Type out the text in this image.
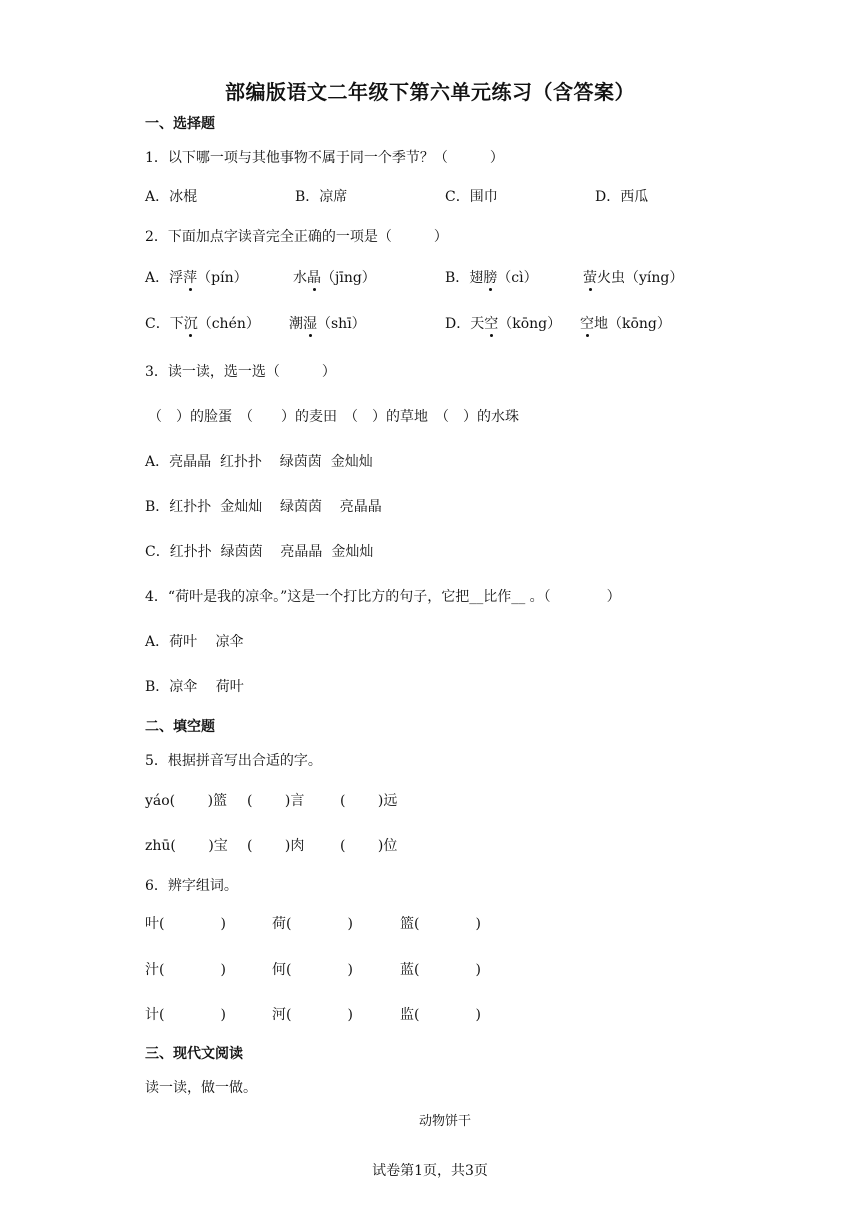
部编版语文二年级下第六单元练习（含答案）
一、选择题
1．以下哪一项与其他事物不属于同一个季节？（　　　）
A．冰棍	B．凉席	C．围巾	D．西瓜
2．下面加点字读音完全正确的一项是（　　　）
A．浮萍（pín）	水晶（jīng）	B．翅膀（cì）	萤火虫（yíng）
C．下沉（chén） 潮湿（shī）	D．天空（kōng） 空地（kōng）
3．读一读，选一选（　　　）
（　）的脸蛋　（　　）的麦田　（　）的草地　（　）的水珠
A．亮晶晶  红扑扑    绿茵茵  金灿灿
B．红扑扑  金灿灿    绿茵茵    亮晶晶
C．红扑扑  绿茵茵    亮晶晶  金灿灿
4．“荷叶是我的凉伞。”这是一个打比方的句子，它把__比作__ 。（　　　　）
A．荷叶　 凉伞
B．凉伞　 荷叶
二、填空题
5．根据拼音写出合适的字。
yáo(　　 )篮 (　　 )言	(　　 )远
zhū(　　 )宝 (　　 )肉	(　　 )位
6．辨字组词。
叶(　　　　)	荷(　　　　)	篮(　　　　)
汁(　　　　)	何(　　　　)	蓝(　　　　)
计(　　　　)	河(　　　　)	监(　　　　)
三、现代文阅读
读一读，做一做。
动物饼干
试卷第1页，共3页
